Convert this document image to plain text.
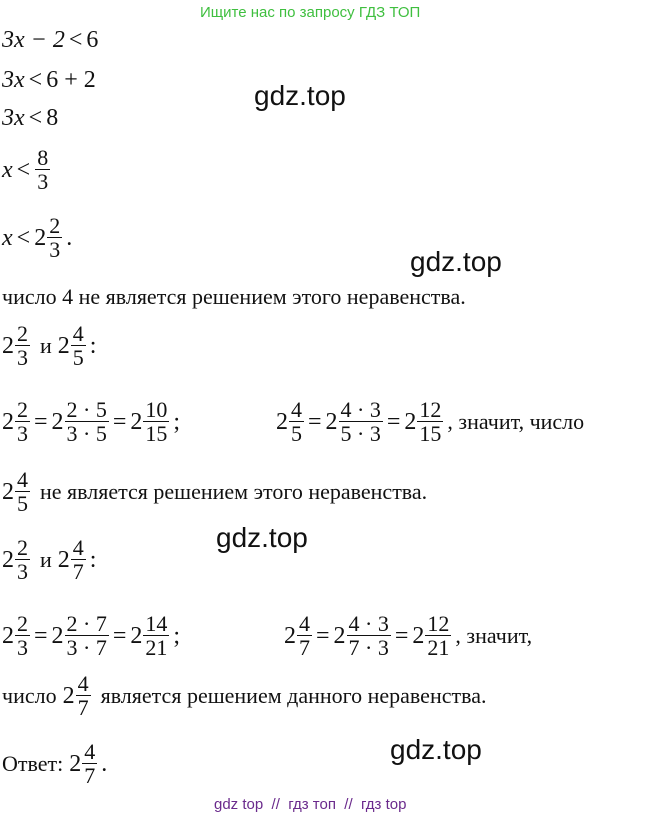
Ищите нас по запросу ГДЗ ТОП
3x − 2 < 6
3x < 6 + 2	gdz.top
3x < 8
$x < \frac{8}{3}$
$x < 2 \frac{2}{3}$ .
gdz.top
число 4 не является решением этого неравенства.
$2 \frac{2}{3}$ и $2 \frac{4}{5}$ :
$2 \frac{2}{3} = 2 \frac{2 \cdot 5}{3 \cdot 5} = 2 \frac{10}{15}$ ;	$2 \frac{4}{5} = 2 \frac{4 \cdot 3}{5 \cdot 3} = 2 \frac{12}{15}$ , значит, число
$2 \frac{4}{5}$ не является решением этого неравенства.
gdz.top
$2 \frac{2}{3}$ и $2 \frac{4}{7}$ :
$2 \frac{2}{3} = 2 \frac{2 \cdot 7}{3 \cdot 7} = 2 \frac{14}{21}$ ;	$2 \frac{4}{7} = 2 \frac{4 \cdot 3}{7 \cdot 3} = 2 \frac{12}{21}$ , значит,
число $2 \frac{4}{7}$ является решением данного неравенства.
gdz.top
Ответ: $2 \frac{4}{7}$ .
gdz top  //  гдз топ  //  гдз top
